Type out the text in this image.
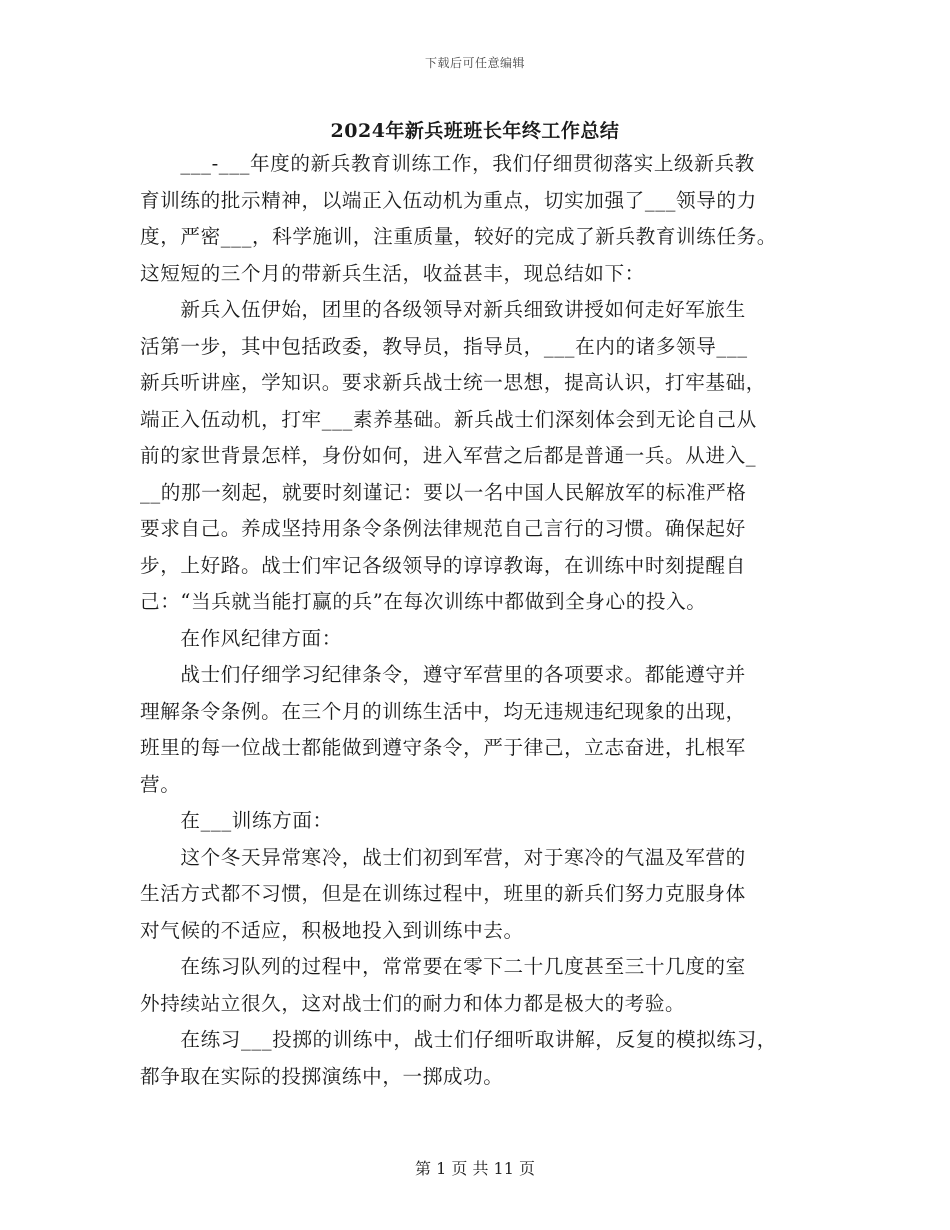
下载后可任意编辑
2024年新兵班班长年终工作总结
　　___-___年度的新兵教育训练工作，我们仔细贯彻落实上级新兵教
育训练的批示精神，以端正入伍动机为重点，切实加强了___领导的力
度，严密___，科学施训，注重质量，较好的完成了新兵教育训练任务。
这短短的三个月的带新兵生活，收益甚丰，现总结如下：
　　新兵入伍伊始，团里的各级领导对新兵细致讲授如何走好军旅生
活第一步，其中包括政委，教导员，指导员，___在内的诸多领导___
新兵听讲座，学知识。要求新兵战士统一思想，提高认识，打牢基础，
端正入伍动机，打牢___素养基础。新兵战士们深刻体会到无论自己从
前的家世背景怎样，身份如何，进入军营之后都是普通一兵。从进入_
__的那一刻起，就要时刻谨记：要以一名中国人民解放军的标准严格
要求自己。养成坚持用条令条例法律规范自己言行的习惯。确保起好
步，上好路。战士们牢记各级领导的谆谆教诲，在训练中时刻提醒自
己：“当兵就当能打赢的兵”在每次训练中都做到全身心的投入。
　　在作风纪律方面：
　　战士们仔细学习纪律条令，遵守军营里的各项要求。都能遵守并
理解条令条例。在三个月的训练生活中，均无违规违纪现象的出现，
班里的每一位战士都能做到遵守条令，严于律己，立志奋进，扎根军
营。
　　在___训练方面：
　　这个冬天异常寒冷，战士们初到军营，对于寒冷的气温及军营的
生活方式都不习惯，但是在训练过程中，班里的新兵们努力克服身体
对气候的不适应，积极地投入到训练中去。
　　在练习队列的过程中，常常要在零下二十几度甚至三十几度的室
外持续站立很久，这对战士们的耐力和体力都是极大的考验。
　　在练习___投掷的训练中，战士们仔细听取讲解，反复的模拟练习，
都争取在实际的投掷演练中，一掷成功。
第 1 页 共 11 页
